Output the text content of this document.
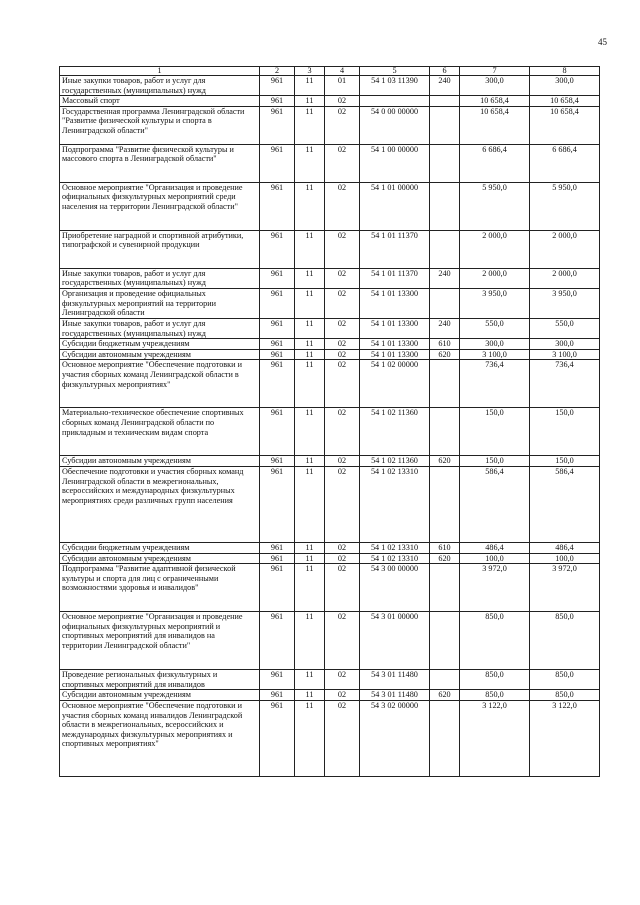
45
1	2	3	4	5	6	7	8
Иные закупки товаров, работ и услуг для государственных (муниципальных) нужд	961	11	01	54 1 03 11390	240	300,0	300,0
Массовый спорт	961	11	02			10 658,4	10 658,4
Государственная программа Ленинградской области "Развитие физической культуры и спорта в Ленинградской области"	961	11	02	54 0 00 00000		10 658,4	10 658,4
Подпрограмма "Развитие физической культуры и массового спорта в Ленинградской области"	961	11	02	54 1 00 00000		6 686,4	6 686,4
Основное мероприятие "Организация и проведение официальных физкультурных мероприятий среди населения на территории Ленинградской области"	961	11	02	54 1 01 00000		5 950,0	5 950,0
Приобретение наградной и спортивной атрибутики, типографской и сувенирной продукции	961	11	02	54 1 01 11370		2 000,0	2 000,0
Иные закупки товаров, работ и услуг для государственных (муниципальных) нужд	961	11	02	54 1 01 11370	240	2 000,0	2 000,0
Организация и проведение официальных физкультурных мероприятий на территории Ленинградской области	961	11	02	54 1 01 13300		3 950,0	3 950,0
Иные закупки товаров, работ и услуг для государственных (муниципальных) нужд	961	11	02	54 1 01 13300	240	550,0	550,0
Субсидии бюджетным учреждениям	961	11	02	54 1 01 13300	610	300,0	300,0
Субсидии автономным учреждениям	961	11	02	54 1 01 13300	620	3 100,0	3 100,0
Основное мероприятие "Обеспечение подготовки и участия сборных команд Ленинградской области в физкультурных мероприятиях"	961	11	02	54 1 02 00000		736,4	736,4
Материально-техническое обеспечение спортивных сборных команд Ленинградской области по прикладным и техническим видам спорта	961	11	02	54 1 02 11360		150,0	150,0
Субсидии автономным учреждениям	961	11	02	54 1 02 11360	620	150,0	150,0
Обеспечение подготовки и участия сборных команд Ленинградской области в межрегиональных, всероссийских и международных физкультурных мероприятиях среди различных групп населения	961	11	02	54 1 02 13310		586,4	586,4
Субсидии бюджетным учреждениям	961	11	02	54 1 02 13310	610	486,4	486,4
Субсидии автономным учреждениям	961	11	02	54 1 02 13310	620	100,0	100,0
Подпрограмма "Развитие адаптивной физической культуры и спорта для лиц с ограниченными возможностями здоровья и инвалидов"	961	11	02	54 3 00 00000		3 972,0	3 972,0
Основное мероприятие "Организация и проведение официальных физкультурных мероприятий и спортивных мероприятий для инвалидов на территории Ленинградской области"	961	11	02	54 3 01 00000		850,0	850,0
Проведение региональных физкультурных и спортивных мероприятий для инвалидов	961	11	02	54 3 01 11480		850,0	850,0
Субсидии автономным учреждениям	961	11	02	54 3 01 11480	620	850,0	850,0
Основное мероприятие "Обеспечение подготовки и участия сборных команд инвалидов Ленинградской области в межрегиональных, всероссийских и международных физкультурных мероприятиях и спортивных мероприятиях"	961	11	02	54 3 02 00000		3 122,0	3 122,0
